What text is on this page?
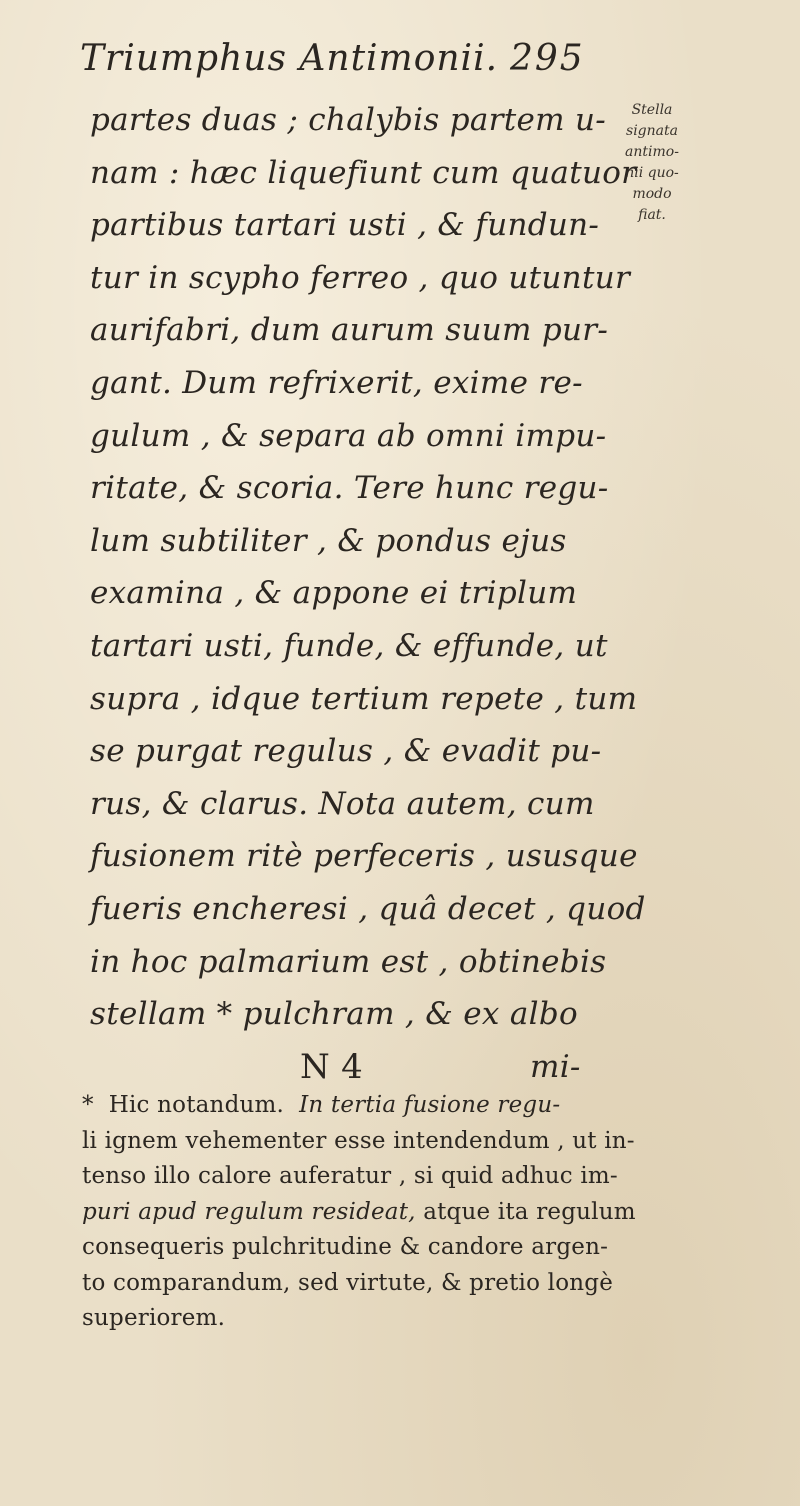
Triumphus Antimonii. 295
Stella
signata
antimo-
nii quo-
modo
fiat.
partes duas ; chalybis partem u-
nam : hæc liquefiunt cum quatuor
partibus tartari usti , & fundun-
tur in scypho ferreo , quo utuntur
aurifabri, dum aurum suum pur-
gant. Dum refrixerit, exime re-
gulum , & separa ab omni impu-
ritate, & scoria. Tere hunc regu-
lum subtiliter , & pondus ejus
examina , & appone ei triplum
tartari usti, funde, & effunde, ut
supra , idque tertium repete , tum
se purgat regulus , & evadit pu-
rus, & clarus. Nota autem, cum
fusionem ritè perfeceris , ususque
fueris encheresi , quâ decet , quod
in hoc palmarium est , obtinebis
stellam * pulchram , & ex albo
N 4	mi-
* Hic notandum. In tertia fusione regu-
li ignem vehementer esse intendendum , ut in-
tenso illo calore auferatur , si quid adhuc im-
puri apud regulum resideat, atque ita regulum
consequeris pulchritudine & candore argen-
to comparandum, sed virtute, & pretio longè
superiorem.
